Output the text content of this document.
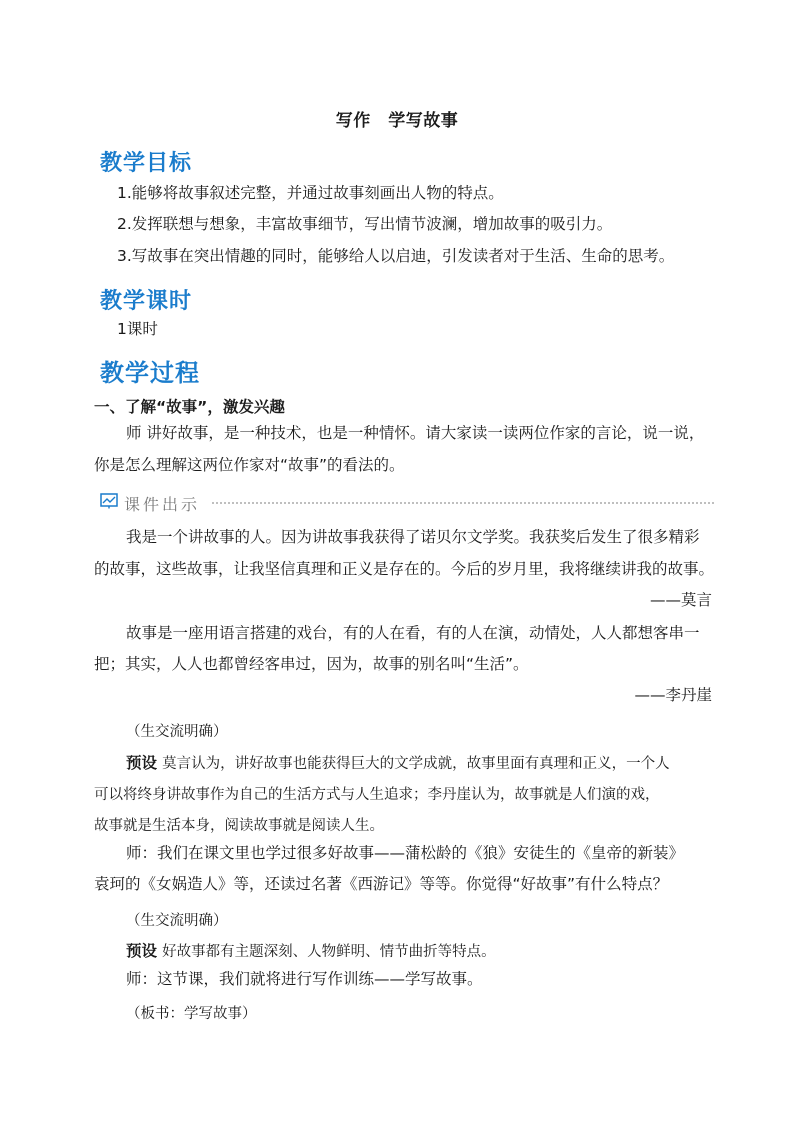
写作　学写故事
教学目标
1.能够将故事叙述完整，并通过故事刻画出人物的特点。
2.发挥联想与想象，丰富故事细节，写出情节波澜，增加故事的吸引力。
3.写故事在突出情趣的同时，能够给人以启迪，引发读者对于生活、生命的思考。
教学课时
1课时
教学过程
一、了解“故事”，激发兴趣
师 讲好故事，是一种技术，也是一种情怀。请大家读一读两位作家的言论，说一说，
你是怎么理解这两位作家对“故事”的看法的。
课件出示
我是一个讲故事的人。因为讲故事我获得了诺贝尔文学奖。我获奖后发生了很多精彩
的故事，这些故事，让我坚信真理和正义是存在的。今后的岁月里，我将继续讲我的故事。
——莫言
故事是一座用语言搭建的戏台，有的人在看，有的人在演，动情处，人人都想客串一
把；其实，人人也都曾经客串过，因为，故事的别名叫“生活”。
——李丹崖
（生交流明确）
预设 莫言认为，讲好故事也能获得巨大的文学成就，故事里面有真理和正义，一个人
可以将终身讲故事作为自己的生活方式与人生追求；李丹崖认为，故事就是人们演的戏，
故事就是生活本身，阅读故事就是阅读人生。
师：我们在课文里也学过很多好故事——蒲松龄的《狼》安徒生的《皇帝的新装》
袁珂的《女娲造人》等，还读过名著《西游记》等等。你觉得“好故事”有什么特点？
（生交流明确）
预设 好故事都有主题深刻、人物鲜明、情节曲折等特点。
师：这节课，我们就将进行写作训练——学写故事。
（板书：学写故事）
